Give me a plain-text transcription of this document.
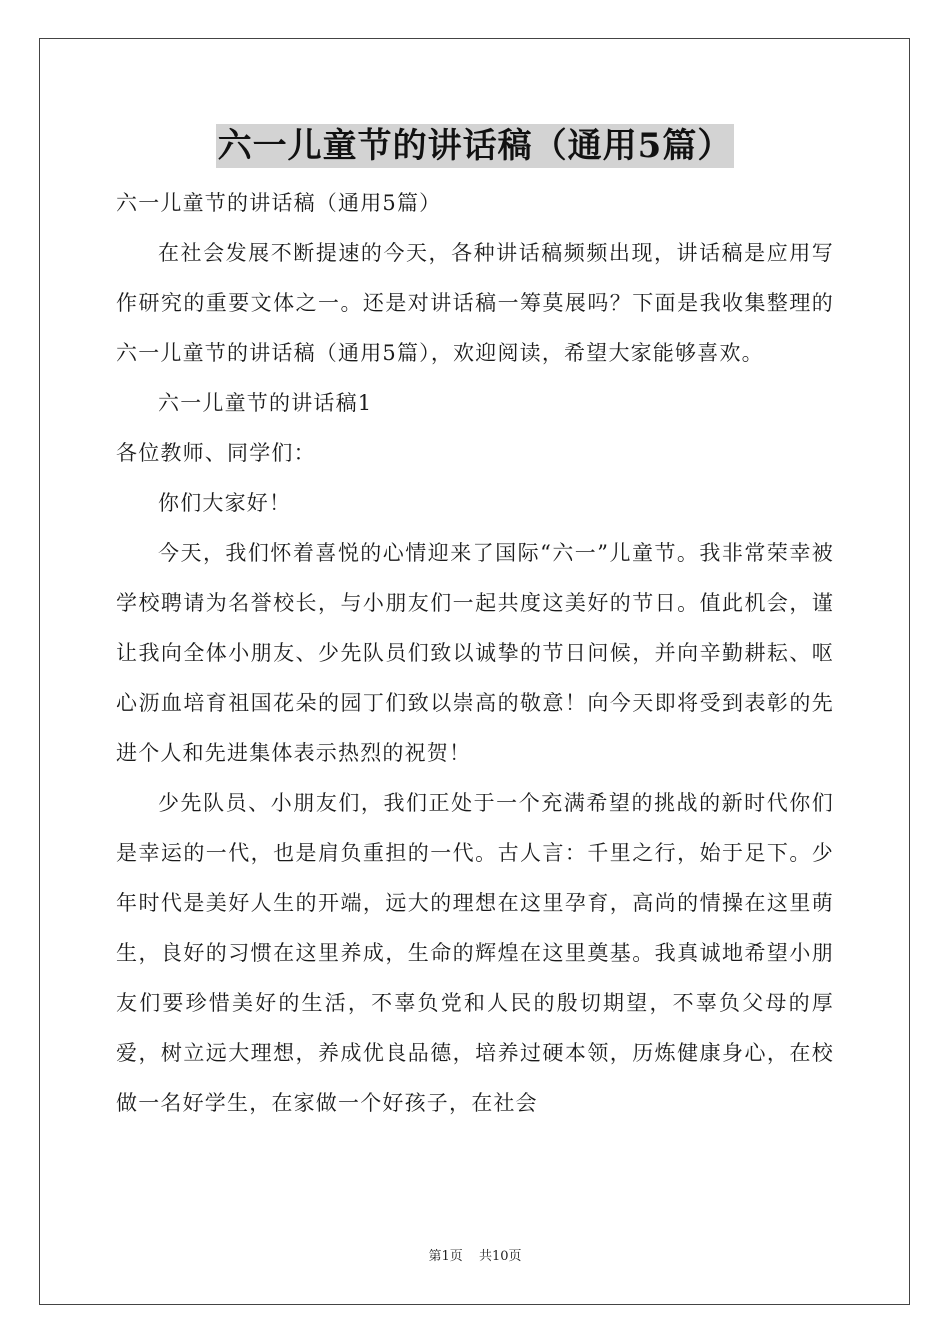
六一儿童节的讲话稿（通用5篇）

六一儿童节的讲话稿（通用5篇）

在社会发展不断提速的今天，各种讲话稿频频出现，讲话稿是应用写作研究的重要文体之一。还是对讲话稿一筹莫展吗？下面是我收集整理的六一儿童节的讲话稿（通用5篇），欢迎阅读，希望大家能够喜欢。

六一儿童节的讲话稿1

各位教师、同学们：

你们大家好！

今天，我们怀着喜悦的心情迎来了国际“六一”儿童节。我非常荣幸被学校聘请为名誉校长，与小朋友们一起共度这美好的节日。值此机会，谨让我向全体小朋友、少先队员们致以诚挚的节日问候，并向辛勤耕耘、呕心沥血培育祖国花朵的园丁们致以崇高的敬意！向今天即将受到表彰的先进个人和先进集体表示热烈的祝贺！

少先队员、小朋友们，我们正处于一个充满希望的挑战的新时代你们是幸运的一代，也是肩负重担的一代。古人言：千里之行，始于足下。少年时代是美好人生的开端，远大的理想在这里孕育，高尚的情操在这里萌生，良好的习惯在这里养成，生命的辉煌在这里奠基。我真诚地希望小朋友们要珍惜美好的生活，不辜负党和人民的殷切期望，不辜负父母的厚爱，树立远大理想，养成优良品德，培养过硬本领，历炼健康身心，在校做一名好学生，在家做一个好孩子，在社会

第1页 共10页
